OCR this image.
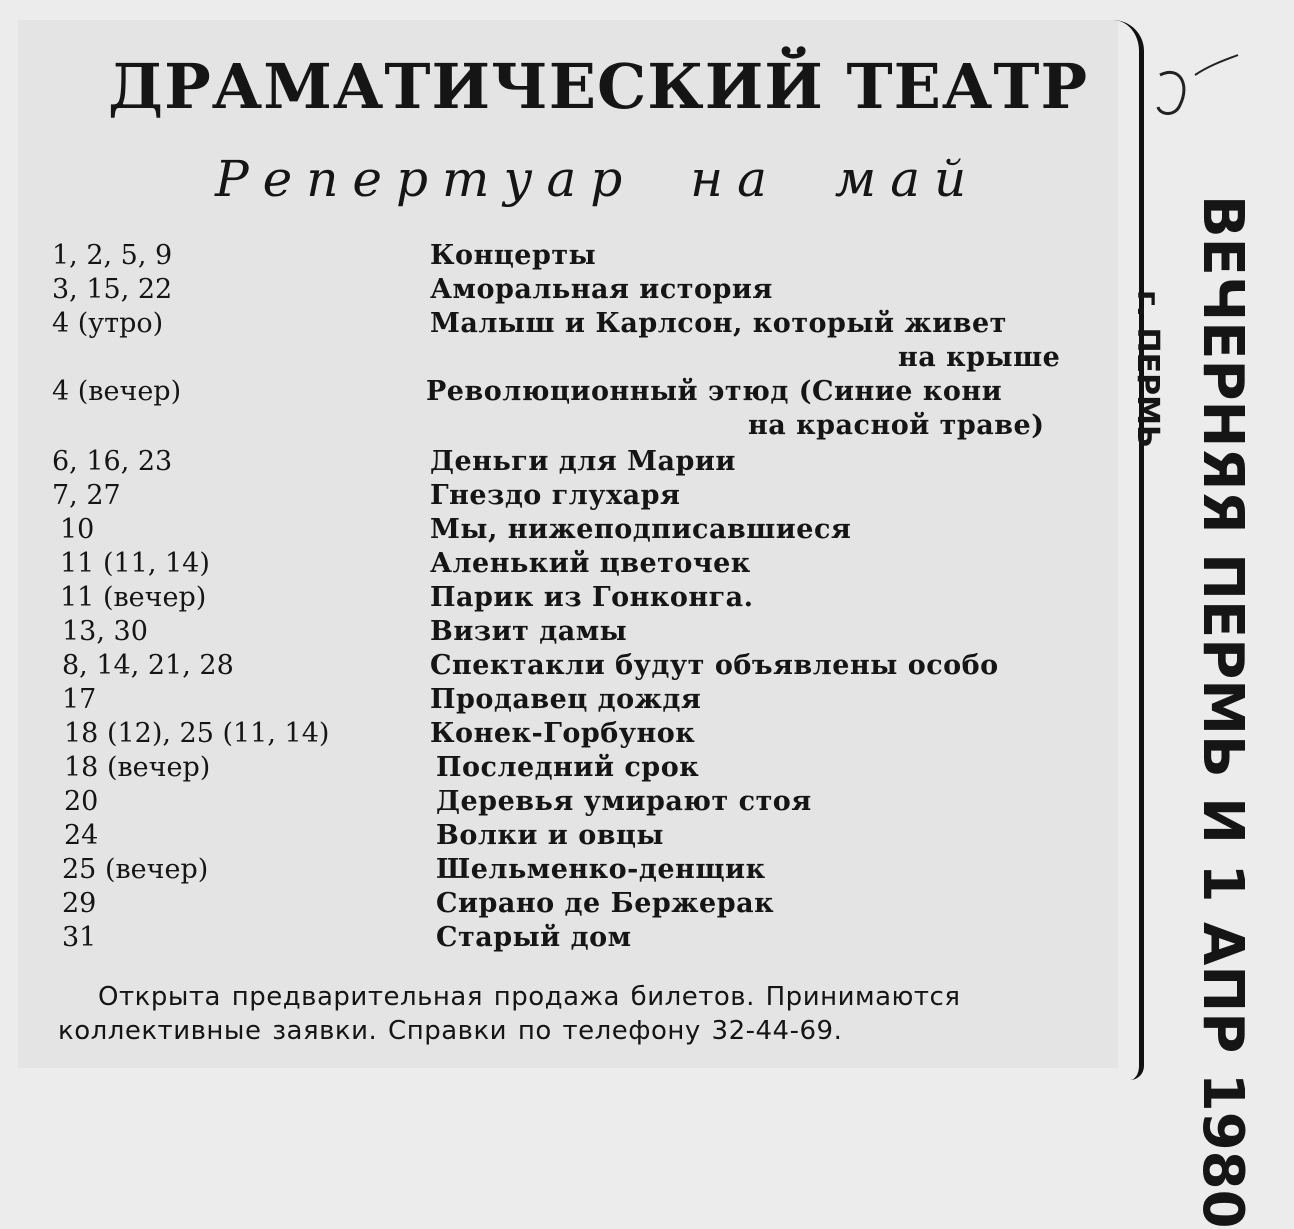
ДРАМАТИЧЕСКИЙ ТЕАТР
Репертуар на май
1, 2, 5, 9	Концерты
3, 15, 22	Аморальная история
4 (утро)	Малыш и Карлсон, который живет
на крыше
4 (вечер)	Революционный этюд (Синие кони
на красной траве)
6, 16, 23	Деньги для Марии
7, 27	Гнездо глухаря
10	Мы, нижеподписавшиеся
11 (11, 14)	Аленький цветочек
11 (вечер)	Парик из Гонконга.
13, 30	Визит дамы
8, 14, 21, 28	Спектакли будут объявлены особо
17	Продавец дождя
18 (12), 25 (11, 14)	Конек-Горбунок
18 (вечер)	Последний срок
20	Деревья умирают стоя
24	Волки и овцы
25 (вечер)	Шельменко-денщик
29	Сирано де Бержерак
31	Старый дом
Открыта предварительная продажа билетов. Принимаются коллективные заявки. Справки по телефону 32-44-69.	ВЕЧЕРНЯЯ ПЕРМЬ И 1 АПР 1980
г. ПЕРМЬ
